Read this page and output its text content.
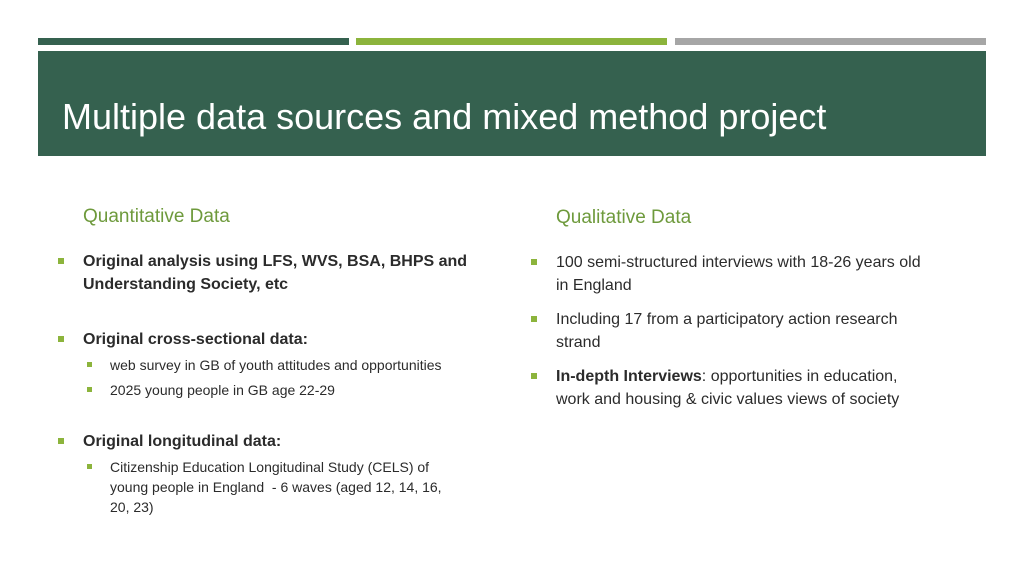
Multiple data sources and mixed method project
Quantitative Data	Qualitative Data
Original analysis using LFS, WVS, BSA, BHPS and
Understanding Society, etc
Original cross-sectional data:
web survey in GB of youth attitudes and opportunities
2025 young people in GB age 22-29
Original longitudinal data:
Citizenship Education Longitudinal Study (CELS) of
young people in England  - 6 waves (aged 12, 14, 16,
20, 23)
100 semi-structured interviews with 18-26 years old
in England
Including 17 from a participatory action research
strand
In-depth Interviews: opportunities in education,
work and housing & civic values views of society
